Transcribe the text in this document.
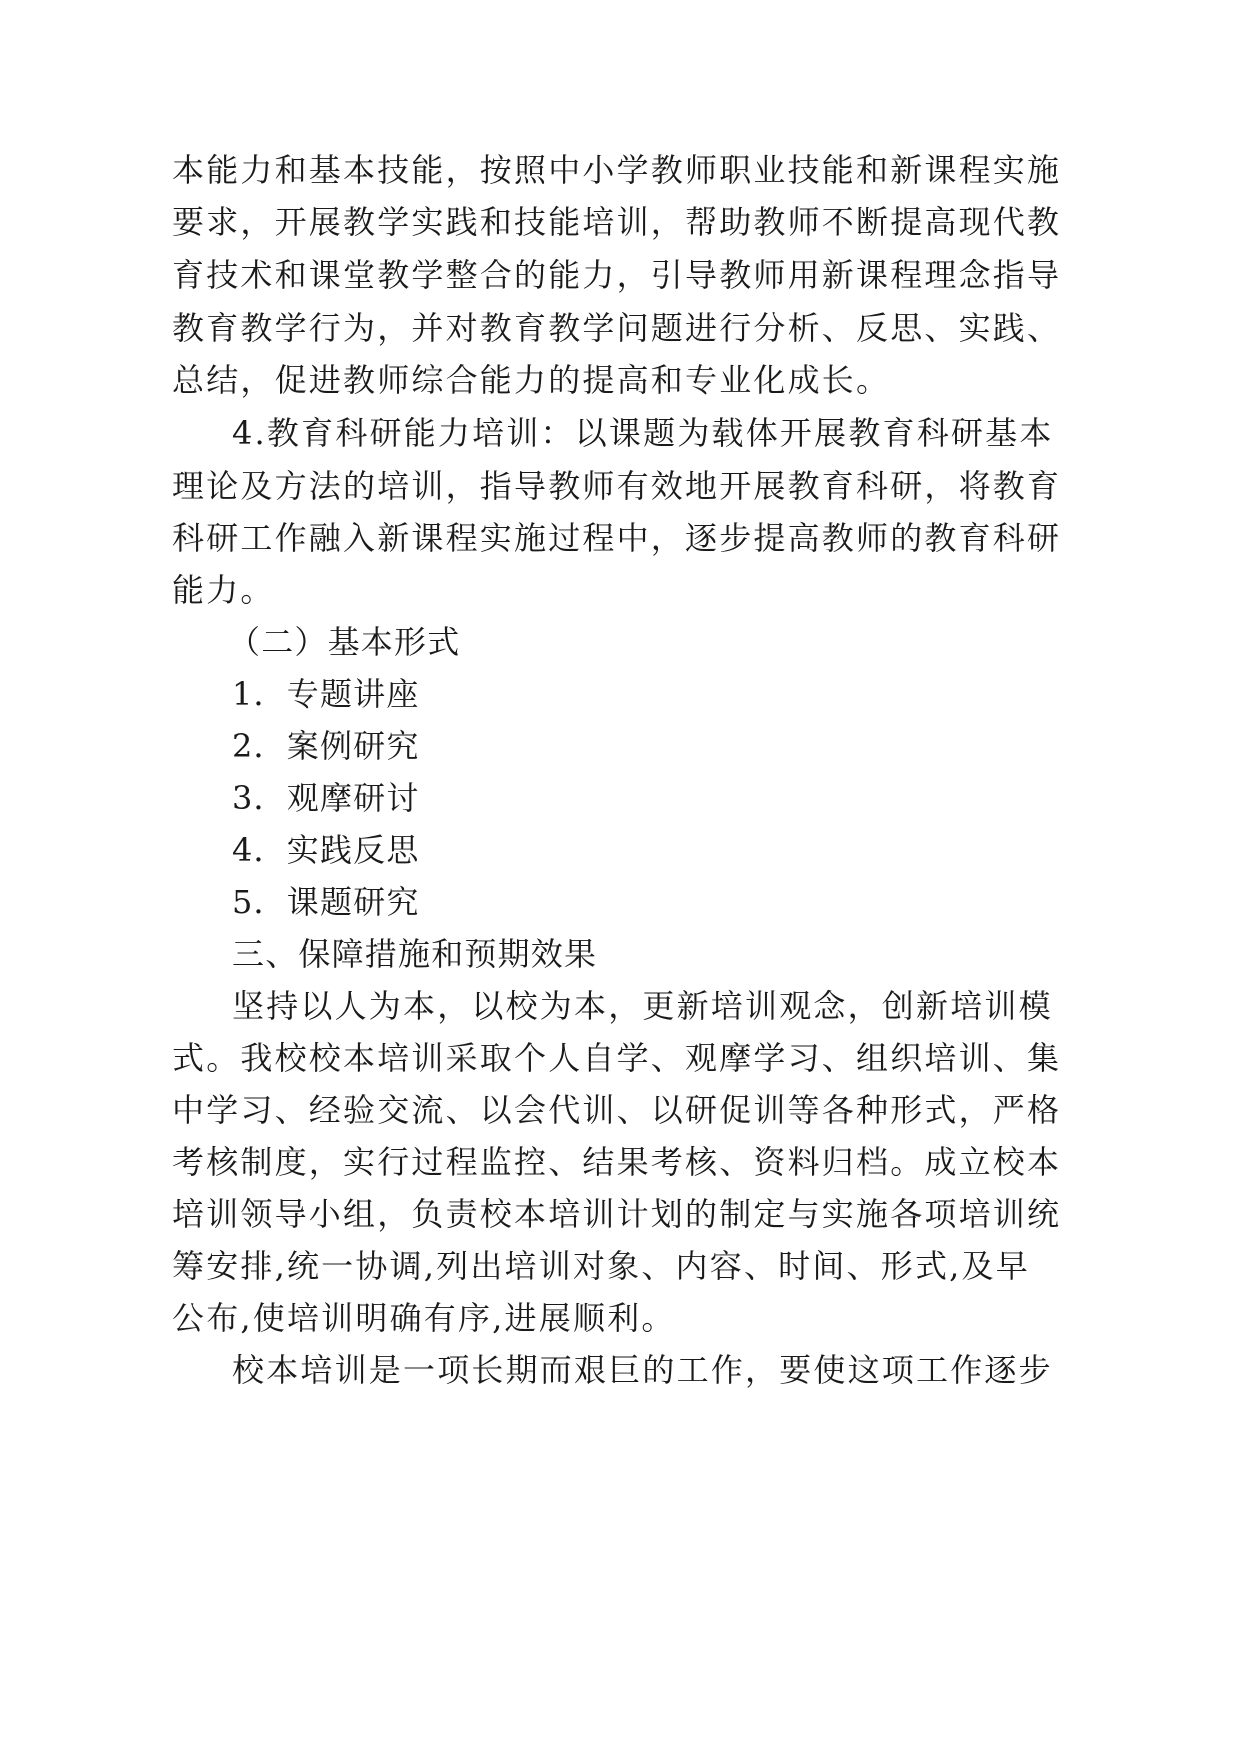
本能力和基本技能，按照中小学教师职业技能和新课程实施
要求，开展教学实践和技能培训，帮助教师不断提高现代教
育技术和课堂教学整合的能力，引导教师用新课程理念指导
教育教学行为，并对教育教学问题进行分析、反思、实践、
总结，促进教师综合能力的提高和专业化成长。
4.教育科研能力培训：以课题为载体开展教育科研基本
理论及方法的培训，指导教师有效地开展教育科研，将教育
科研工作融入新课程实施过程中，逐步提高教师的教育科研
能力。
（二）基本形式
1．专题讲座
2．案例研究
3．观摩研讨
4．实践反思
5．课题研究
三、保障措施和预期效果
坚持以人为本，以校为本，更新培训观念，创新培训模
式。我校校本培训采取个人自学、观摩学习、组织培训、集
中学习、经验交流、以会代训、以研促训等各种形式，严格
考核制度，实行过程监控、结果考核、资料归档。成立校本
培训领导小组，负责校本培训计划的制定与实施各项培训统
筹安排,统一协调,列出培训对象、内容、时间、形式,及早
公布,使培训明确有序,进展顺利。
校本培训是一项长期而艰巨的工作，要使这项工作逐步
